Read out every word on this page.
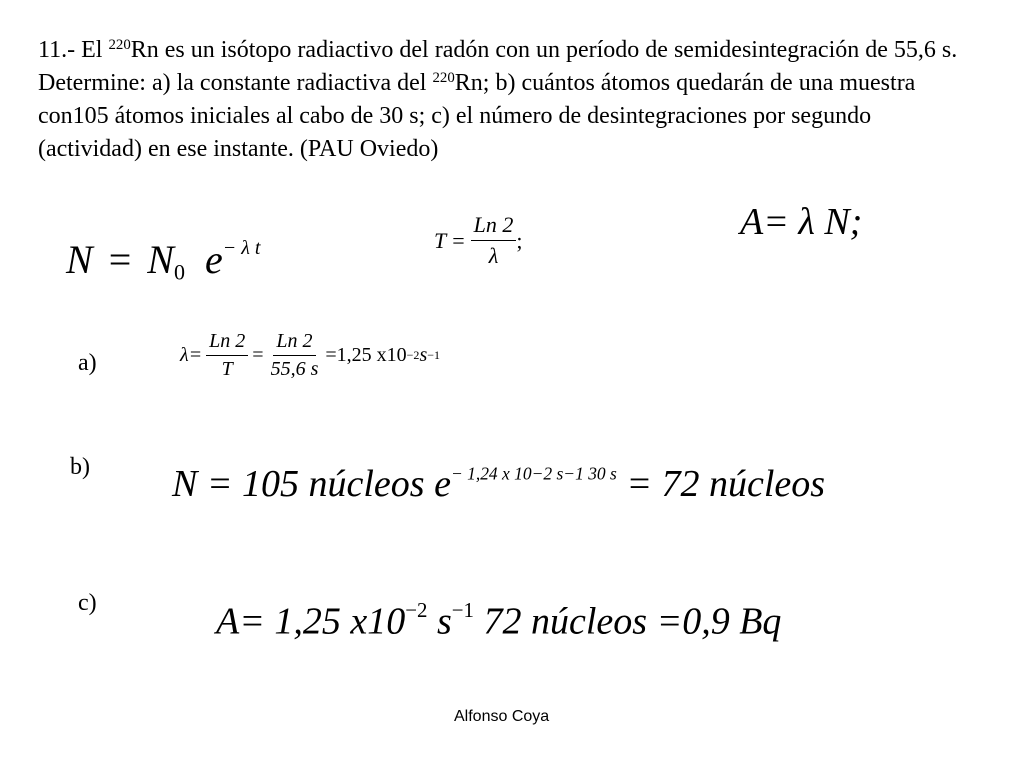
11.- El $^{220}$Rn es un isótopo radiactivo del radón con un período de semidesintegración de 55,6 s. Determine: a) la constante radiactiva del $^{220}$Rn; b) cuántos átomos quedarán de una muestra con105 átomos iniciales al cabo de 30 s; c) el número de desintegraciones por segundo (actividad) en ese instante. (PAU Oviedo)
$N = N_0$ $e^{- \lambda t}$	$T = \frac{Ln 2}{\lambda}$ ;	A= λ N;
a)	$\lambda= \frac{Ln 2}{T} = \frac{Ln 2}{55,6 s} =1,25$ x10 −2 s −1
b) N = 105 núcleos $e^{- 1,24 x 10-2 s-1 30 s} = 72$ núcleos
c)	A= 1,25 $x10^{-2}$ $s^{-1}$ 72 núcleos =0,9 Bq
Alfonso Coya
